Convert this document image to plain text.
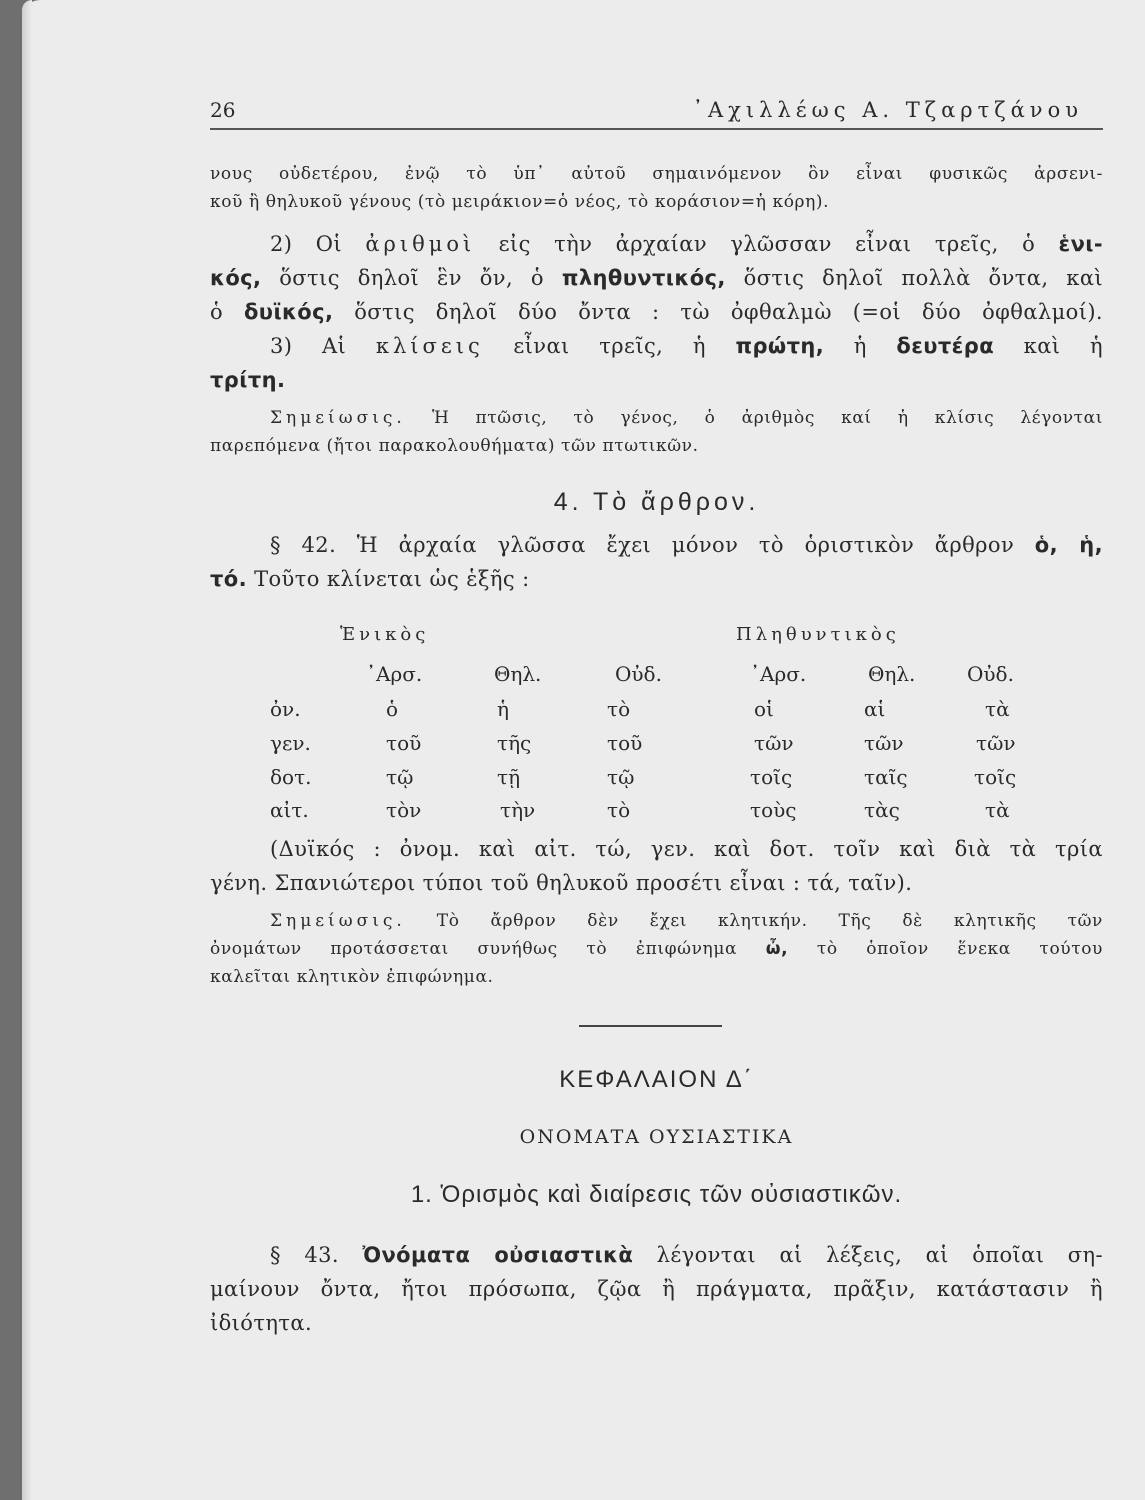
26	᾿Αχιλλέως Α. Τζαρτζάνου
νους οὐδετέρου, ἐνῷ τὸ ὑπ᾿ αὐτοῦ σημαινόμενον ὂν εἶναι φυσικῶς ἀρσενι-
κοῦ ἢ θηλυκοῦ γένους (τὸ μειράκιον=ὁ νέος, τὸ κοράσιον=ἡ κόρη).
2) Οἱ ἀριθμοὶ εἰς τὴν ἀρχαίαν γλῶσσαν εἶναι τρεῖς, ὁ ἑνι-
κός, ὅστις δηλοῖ ἓν ὄν, ὁ πληθυντικός, ὅστις δηλοῖ πολλὰ ὄντα, καὶ
ὁ δυϊκός, ὅστις δηλοῖ δύο ὄντα : τὼ ὀφθαλμὼ (=οἱ δύο ὀφθαλμοί).
3) Αἱ κλίσεις εἶναι τρεῖς, ἡ πρώτη, ἡ δευτέρα καὶ ἡ
τρίτη.
Σημείωσις. Ἡ πτῶσις, τὸ γένος, ὁ ἀριθμὸς καί ἡ κλίσις λέγονται
παρεπόμενα (ἤτοι παρακολουθήματα) τῶν πτωτικῶν.
4. Τὸ ἄρθρον.
§ 42. Ἡ ἀρχαία γλῶσσα ἔχει μόνον τὸ ὁριστικὸν ἄρθρον ὁ, ἡ,
τό. Τοῦτο κλίνεται ὡς ἑξῆς :
Ἑνικὸς	Πληθυντικὸς
᾿Αρσ.	Θηλ.	Οὐδ.	᾿Αρσ.	Θηλ.	Οὐδ.
ὀν.	ὁ	ἡ	τὸ	οἱ	αἱ	τὰ
γεν.	τοῦ	τῆς	τοῦ	τῶν	τῶν	τῶν
δοτ.	τῷ	τῇ	τῷ	τοῖς	ταῖς	τοῖς
αἰτ.	τὸν	τὴν	τὸ	τοὺς	τὰς	τὰ
(Δυϊκός : ὀνομ. καὶ αἰτ. τώ, γεν. καὶ δοτ. τοῖν καὶ διὰ τὰ τρία
γένη. Σπανιώτεροι τύποι τοῦ θηλυκοῦ προσέτι εἶναι : τά, ταῖν).
Σημείωσις. Τὸ ἄρθρον δὲν ἔχει κλητικήν. Τῆς δὲ κλητικῆς τῶν
ὀνομάτων προτάσσεται συνήθως τὸ ἐπιφώνημα ὦ, τὸ ὁποῖον ἕνεκα τούτου
καλεῖται κλητικὸν ἐπιφώνημα.
ΚΕΦΑΛΑΙΟΝ Δ΄
ΟΝΟΜΑΤΑ ΟΥΣΙΑΣΤΙΚΑ
1. Ὁρισμὸς καὶ διαίρεσις τῶν οὐσιαστικῶν.
§ 43. Ὀνόματα οὐσιαστικὰ λέγονται αἱ λέξεις, αἱ ὁποῖαι ση-
μαίνουν ὄντα, ἤτοι πρόσωπα, ζῷα ἢ πράγματα, πρᾶξιν, κατάστασιν ἢ
ἰδιότητα.
